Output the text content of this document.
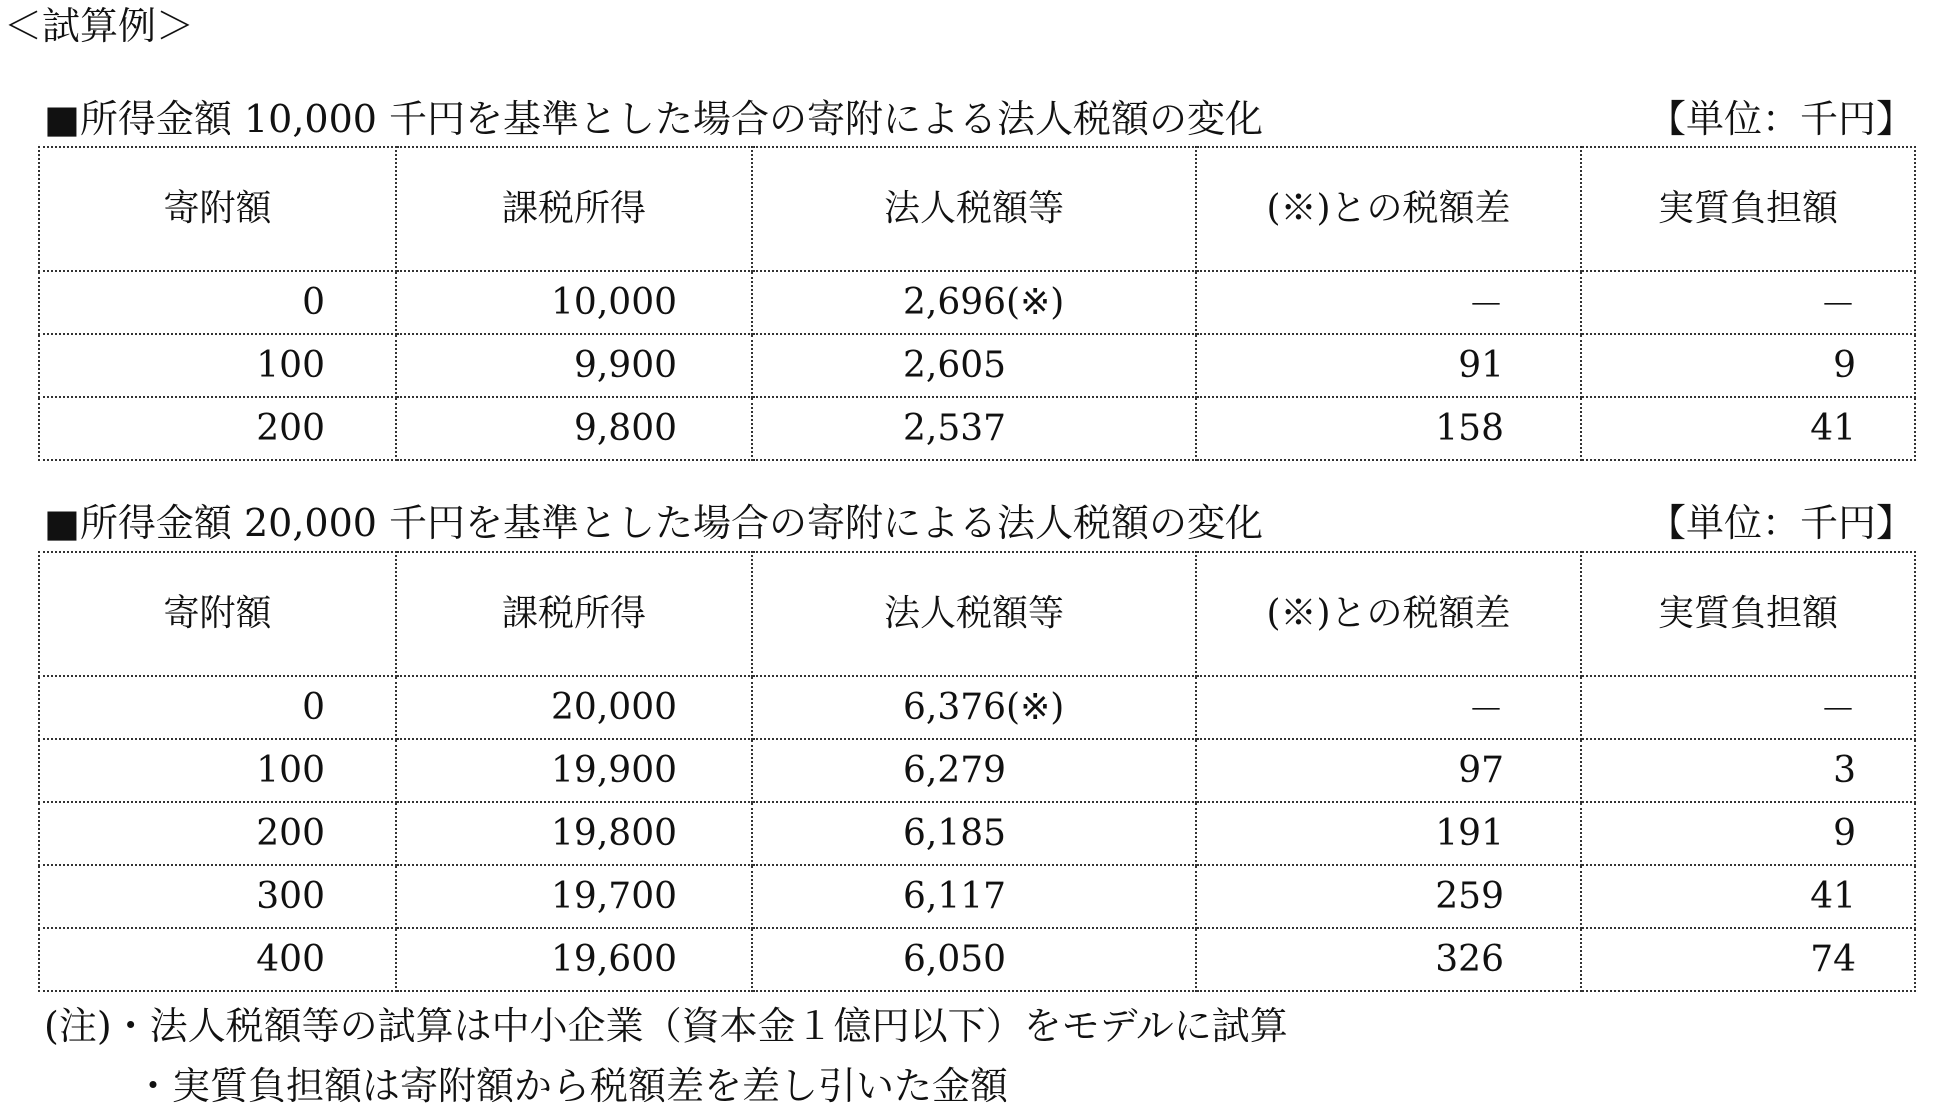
＜試算例＞
■所得金額 10,000 千円を基準とした場合の寄附による法人税額の変化	【単位：千円】
寄附額	課税所得	法人税額等	(※)との税額差	実質負担額
0	10,000	2,696(※)	－	－
100	9,900	2,605	91	9
200	9,800	2,537	158	41
■所得金額 20,000 千円を基準とした場合の寄附による法人税額の変化	【単位：千円】
寄附額	課税所得	法人税額等	(※)との税額差	実質負担額
0	20,000	6,376(※)	－	－
100	19,900	6,279	97	3
200	19,800	6,185	191	9
300	19,700	6,117	259	41
400	19,600	6,050	326	74
(注)・法人税額等の試算は中小企業（資本金１億円以下）をモデルに試算
・実質負担額は寄附額から税額差を差し引いた金額
